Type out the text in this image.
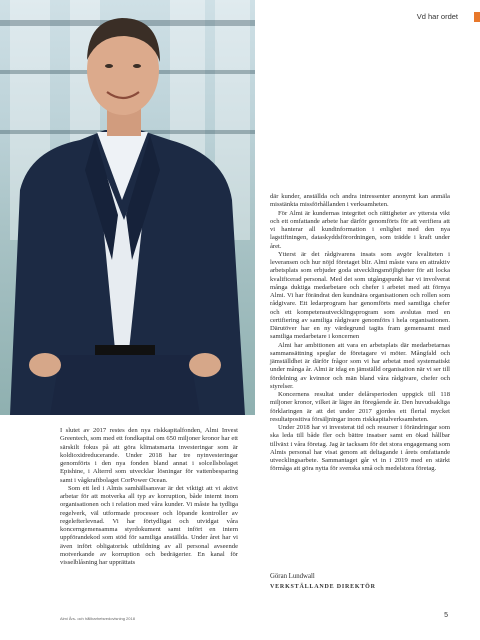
Vd har ordet

I slutet av 2017 restes den nya riskkapitalfonden, Almi Invest Greentech, som med ett fondkapital om 650 miljoner kronor har ett särskilt fokus på att göra klimatsmarta investeringar som är koldioxidreducerande. Under 2018 har tre nyinvesteringar genomförts i den nya fonden bland annat i solcellsbolaget Epishine, i Alterrd som utvecklar lösningar för vattenbesparing samt i vågkraftbolaget CorPower Ocean.

Som ett led i Almis samhällsansvar är det viktigt att vi aktivt arbetar för att motverka all typ av korruption, både internt inom organisationen och i relation med våra kunder. Vi måste ha tydliga regelverk, väl utformade processer och löpande kontroller av regelefterlevnad. Vi har förtydligat och utvidgat våra koncerngemensamma styrdokument samt infört en intern uppförandekod som stöd för samtliga anställda. Under året har vi även infört obligatorisk utbildning av all personal avseende motverkande av korruption och bedrägerier. En kanal för visselblåsning har upprättats

där kunder, anställda och andra intressenter anonymt kan anmäla misstänkta missförhållanden i verksamheten.

För Almi är kundernas integritet och rättigheter av yttersta vikt och ett omfattande arbete har därför genomförts för att verifiera att vi hanterar all kundinformation i enlighet med den nya lagstiftningen, dataskyddsförordningen, som trädde i kraft under året.

Ytterst är det rådgivarens insats som avgör kvaliteten i leveransen och hur nöjd företaget blir. Almi måste vara en attraktiv arbetsplats som erbjuder goda utvecklingsmöjligheter för att locka kvalificerad personal. Med det som utgångspunkt har vi involverat många duktiga medarbetare och chefer i arbetet med att förnya Almi. Vi har förändrat den kundnära organisationen och rollen som rådgivare. Ett ledarprogram har genomförts med samtliga chefer och ett kompetensutvecklingsprogram som avslutas med en certifiering av samtliga rådgivare genomförs i hela organisationen. Därutöver har en ny värdegrund tagits fram gemensamt med samtliga medarbetare i koncernen

Almi har ambitionen att vara en arbetsplats där medarbetarnas sammansättning speglar de företagare vi möter. Mångfald och jämställdhet är därför frågor som vi har arbetat med systematiskt under många år. Almi är idag en jämställd organisation när vi ser till fördelning av kvinnor och män bland våra rådgivare, chefer och styrelser.

Koncernens resultat under delårsperioden uppgick till 118 miljoner kronor, vilket är lägre än föregående år. Den huvudsakliga förklaringen är att det under 2017 gjordes ett flertal mycket resultatpositiva försäljningar inom riskkapitalverksamheten.

Under 2018 har vi investerat tid och resurser i förändringar som ska leda till både fler och bättre insatser samt en ökad hållbar tillväxt i våra företag. Jag är tacksam för det stora engagemang som Almis personal har visat genom att deltagande i årets omfattande utvecklingsarbete. Sammantaget går vi in i 2019 med en stärkt förmåga att göra nytta för svenska små och medelstora företag.

Göran Lundwall
VERKSTÄLLANDE DIREKTÖR
Almi Års- och hållbarhetsredovisning 2018	5
